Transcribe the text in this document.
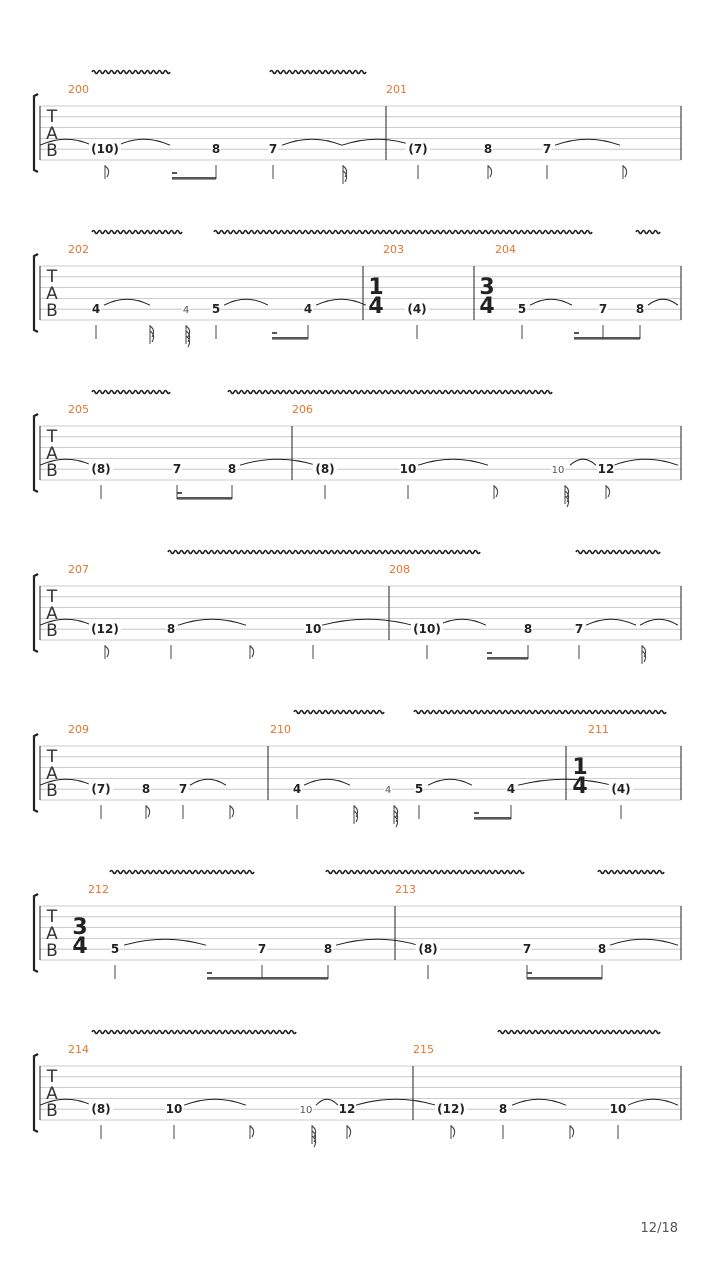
T
A
B
200	201
(10)	8	7	(7)	8	7
T
A
B
202	203
1
4
204
3
4
4	4 5	4	(4)	5	7 8
T
A
B
205	206
(8)	7	8	(8)	10	10	12
T
A
B
207	208
(12)	8	10	(10)	8	7
T
A
B
209	210	211
1
4
(7)	8 7	4	4 5	4	(4)
T
A
B
212
3
4
213
5	7	8	(8)	7	8
T
A
B
214	215
(8)	10	10 12	(12)	8	10
12/18
